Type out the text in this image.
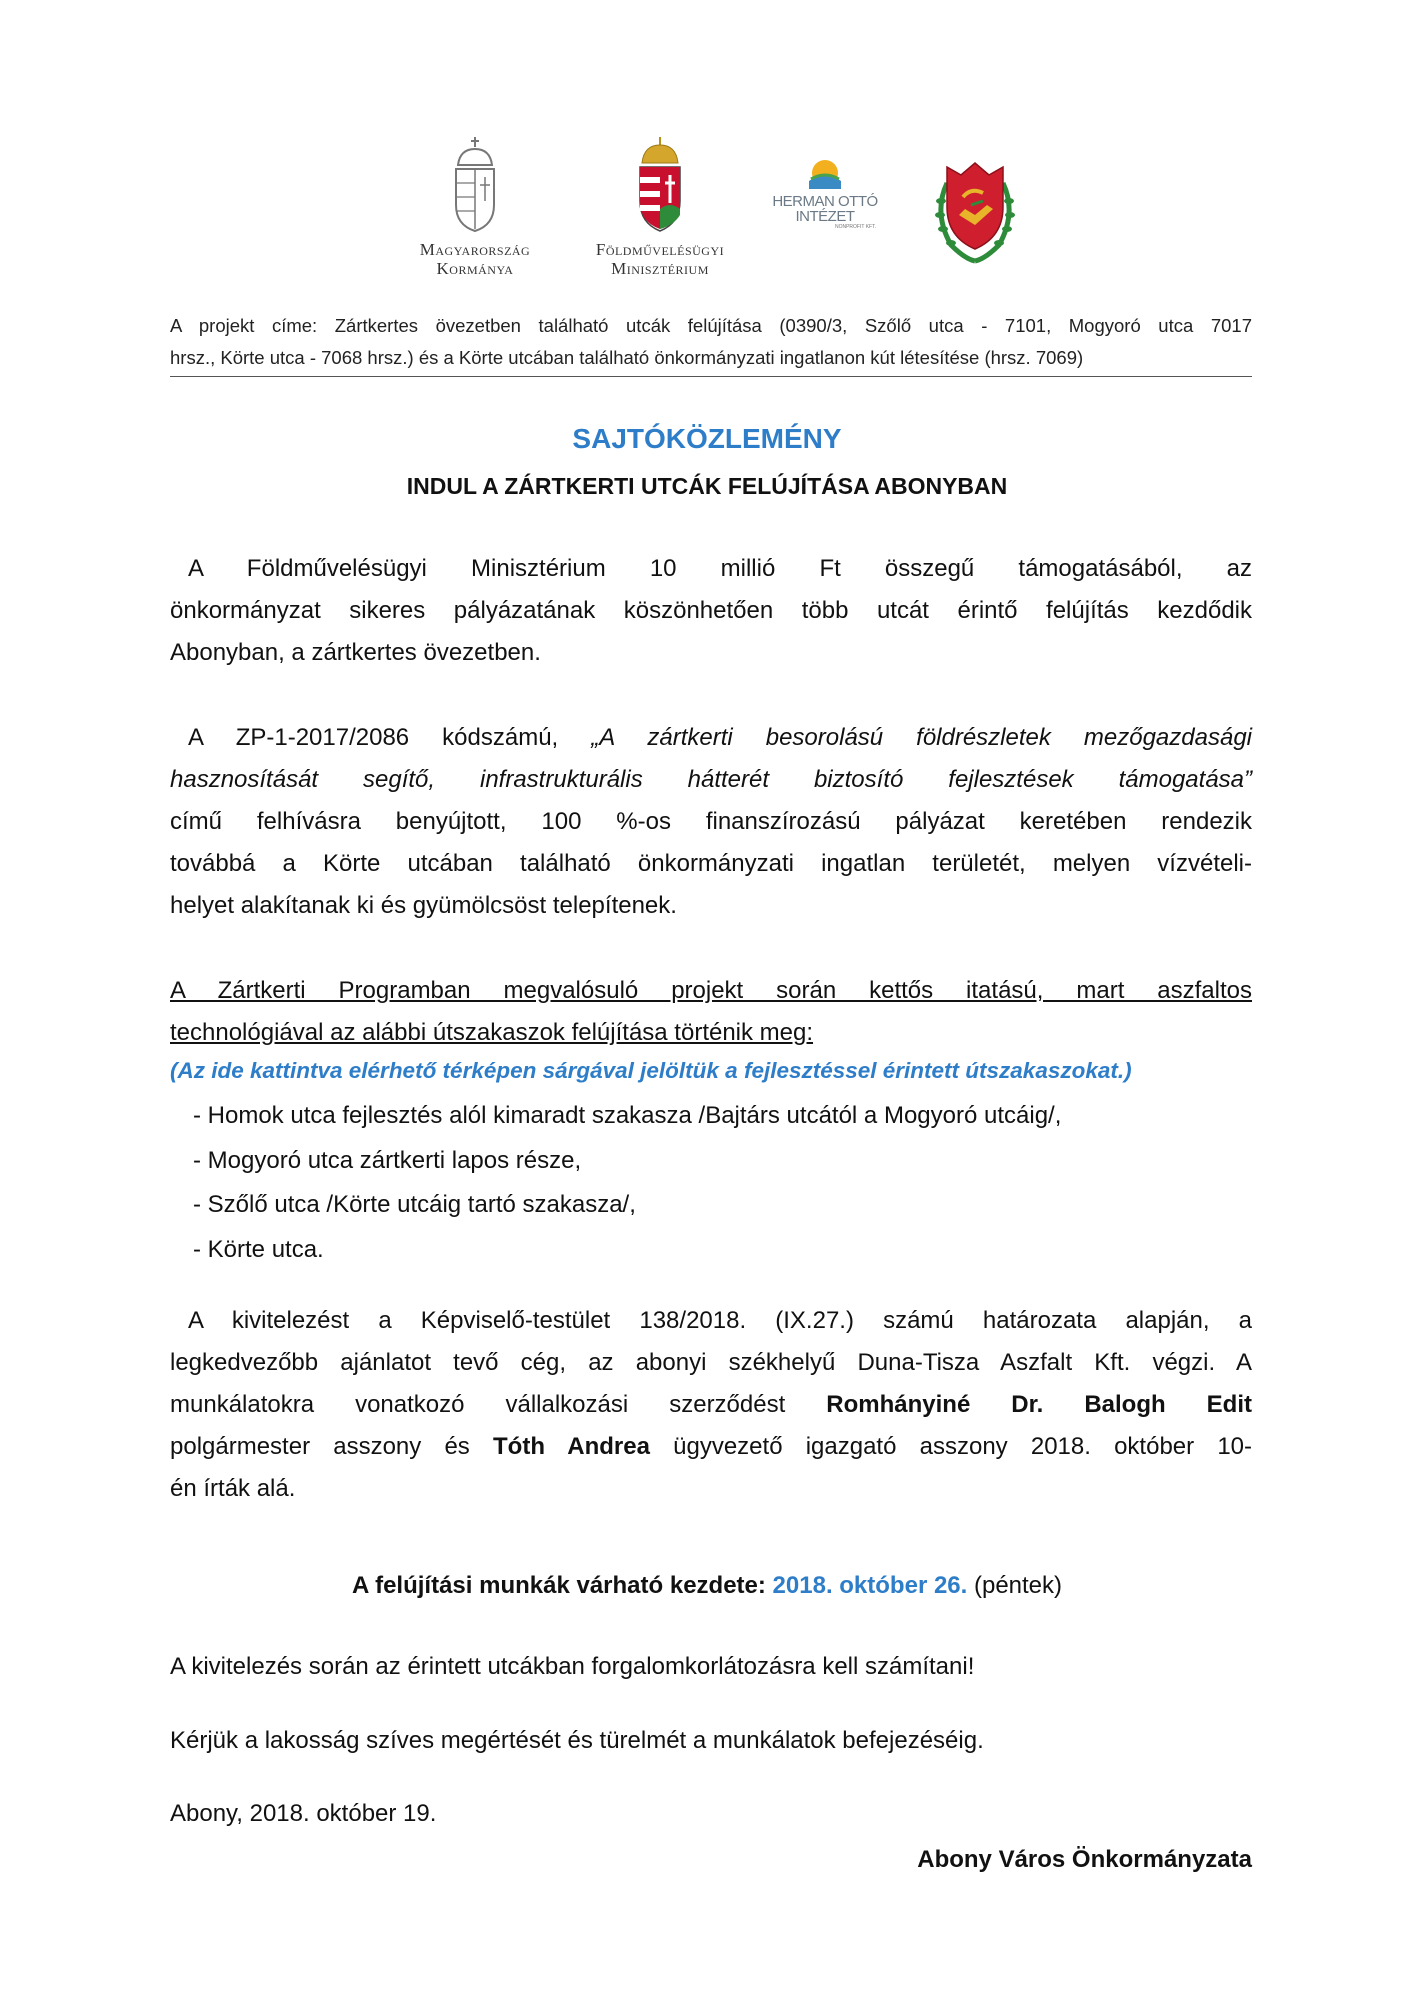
Magyarország
Kormánya
Földművelésügyi
Minisztérium
HERMAN OTTÓ
INTÉZET
NONPROFIT KFT.
A projekt címe: Zártkertes övezetben található utcák felújítása (0390/3, Szőlő utca - 7101, Mogyoró utca 7017
hrsz., Körte utca - 7068 hrsz.) és a Körte utcában található önkormányzati ingatlanon kút létesítése (hrsz. 7069)
SAJTÓKÖZLEMÉNY
INDUL A ZÁRTKERTI UTCÁK FELÚJÍTÁSA ABONYBAN
A Földművelésügyi Minisztérium 10 millió Ft összegű támogatásából, az
önkormányzat sikeres pályázatának köszönhetően több utcát érintő felújítás kezdődik
Abonyban, a zártkertes övezetben.
A ZP-1-2017/2086 kódszámú, „A zártkerti besorolású földrészletek mezőgazdasági
hasznosítását segítő, infrastrukturális hátterét biztosító fejlesztések támogatása”
című felhívásra benyújtott, 100 %-os finanszírozású pályázat keretében rendezik
továbbá a Körte utcában található önkormányzati ingatlan területét, melyen vízvételi-
helyet alakítanak ki és gyümölcsöst telepítenek.
A Zártkerti Programban megvalósuló projekt során kettős itatású, mart aszfaltos
technológiával az alábbi útszakaszok felújítása történik meg:
(Az ide kattintva elérhető térképen sárgával jelöltük a fejlesztéssel érintett útszakaszokat.)
- Homok utca fejlesztés alól kimaradt szakasza /Bajtárs utcától a Mogyoró utcáig/,
- Mogyoró utca zártkerti lapos része,
- Szőlő utca /Körte utcáig tartó szakasza/,
- Körte utca.
A kivitelezést a Képviselő-testület 138/2018. (IX.27.) számú határozata alapján, a
legkedvezőbb ajánlatot tevő cég, az abonyi székhelyű Duna-Tisza Aszfalt Kft. végzi. A
munkálatokra vonatkozó vállalkozási szerződést Romhányiné Dr. Balogh Edit
polgármester asszony és Tóth Andrea ügyvezető igazgató asszony 2018. október 10-
én írták alá.
A felújítási munkák várható kezdete: 2018. október 26. (péntek)
A kivitelezés során az érintett utcákban forgalomkorlátozásra kell számítani!
Kérjük a lakosság szíves megértését és türelmét a munkálatok befejezéséig.
Abony, 2018. október 19.
Abony Város Önkormányzata
